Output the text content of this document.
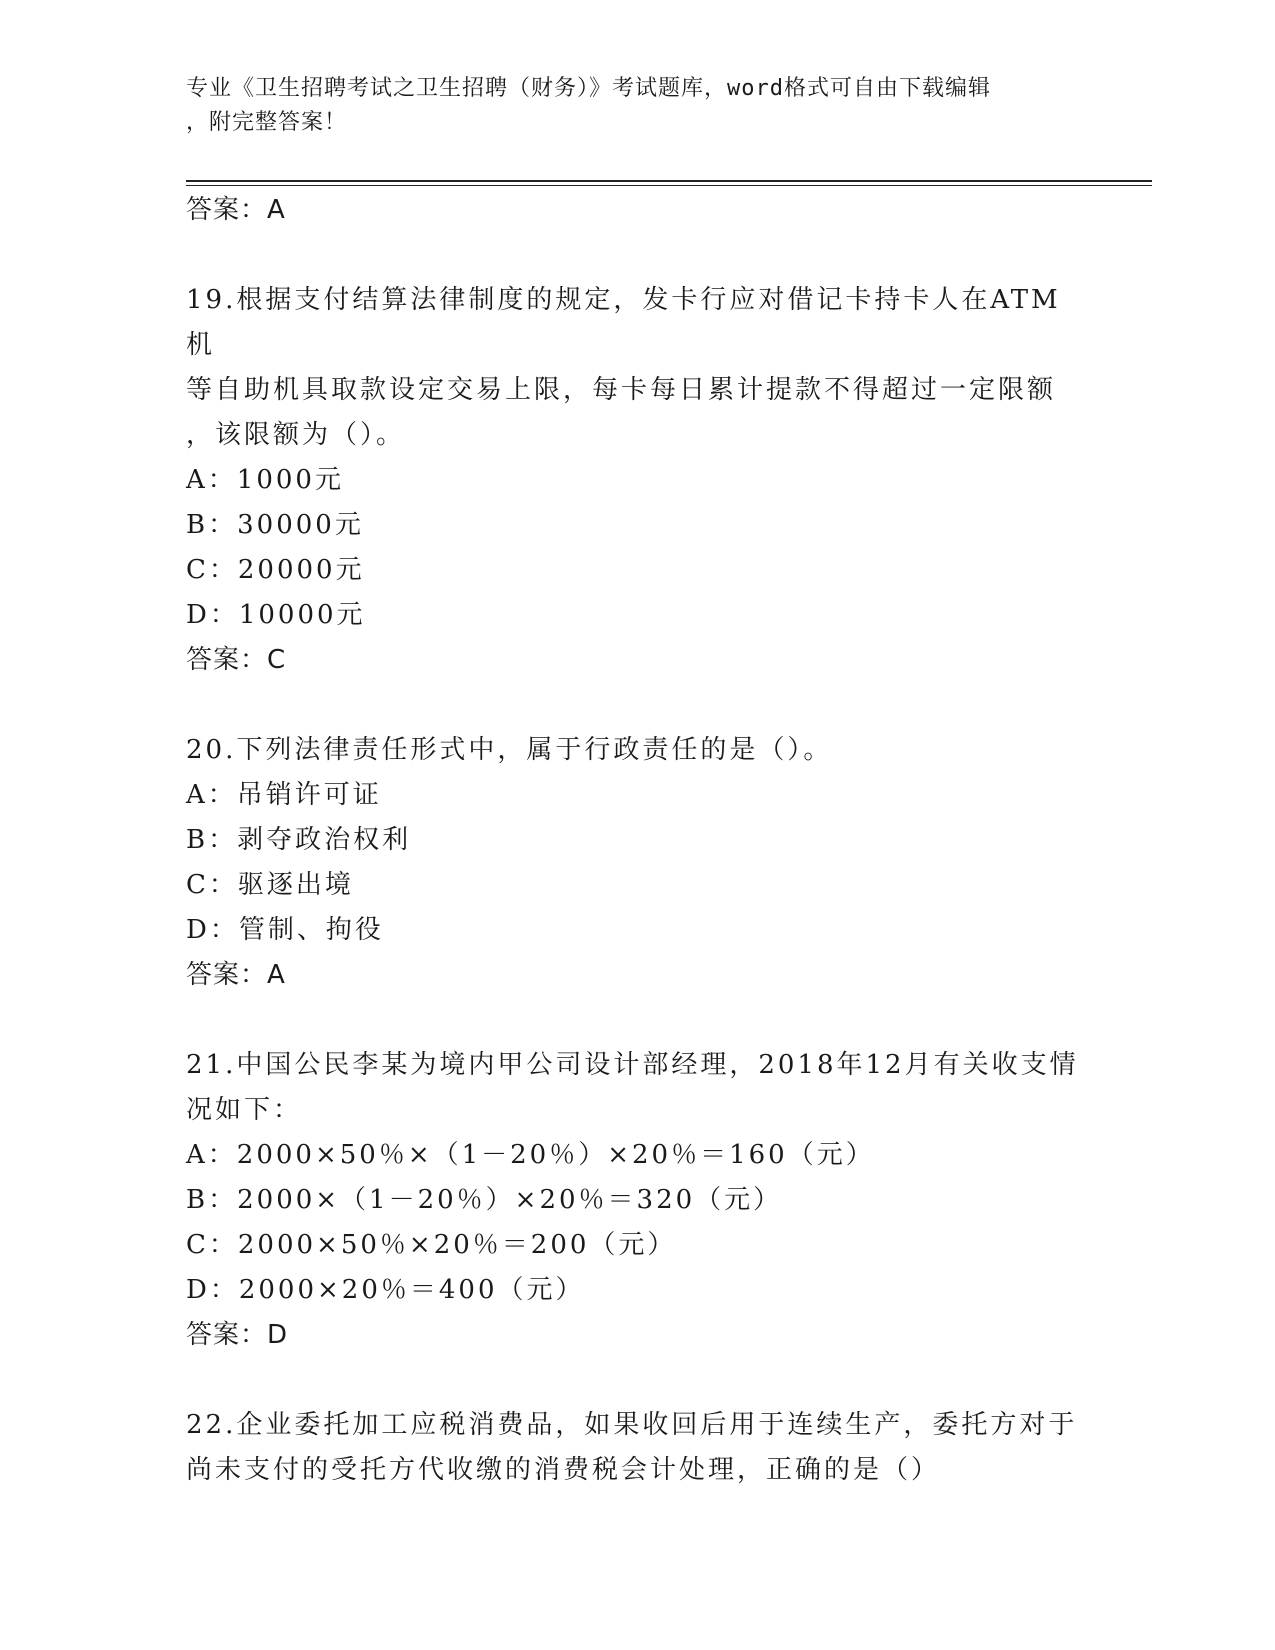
专业《卫生招聘考试之卫生招聘（财务）》考试题库，word格式可自由下载编辑
，附完整答案！
答案：A

19.根据支付结算法律制度的规定，发卡行应对借记卡持卡人在ATM机

等自助机具取款设定交易上限，每卡每日累计提款不得超过一定限额

，该限额为（）。

A：1000元

B：30000元

C：20000元

D：10000元

答案：C

20.下列法律责任形式中，属于行政责任的是（）。

A：吊销许可证

B：剥夺政治权利

C：驱逐出境

D：管制、拘役

答案：A

21.中国公民李某为境内甲公司设计部经理，2018年12月有关收支情

况如下：

A：2000×50％×（1－20％）×20％＝160（元）

B：2000×（1－20％）×20％＝320（元）

C：2000×50％×20％＝200（元）

D：2000×20％＝400（元）

答案：D

22.企业委托加工应税消费品，如果收回后用于连续生产，委托方对于

尚未支付的受托方代收缴的消费税会计处理，正确的是（）
